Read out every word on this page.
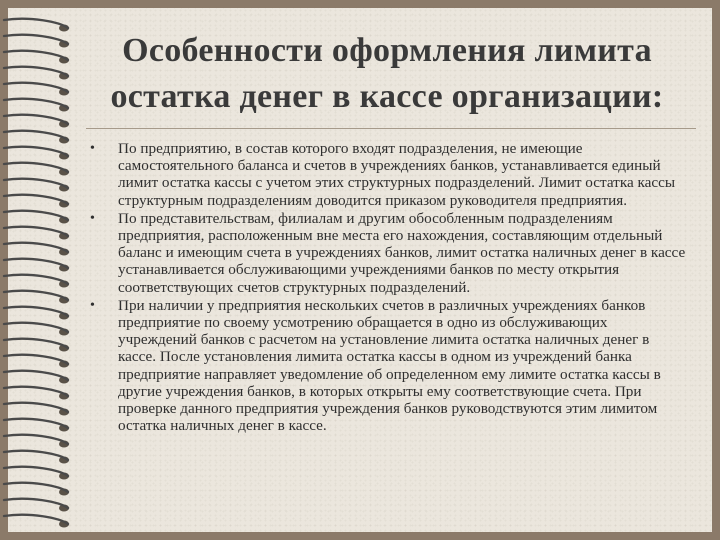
Особенности оформления лимита остатка денег в кассе организации:
• По предприятию, в состав которого входят подразделения, не имеющие самостоятельного баланса и счетов в учреждениях банков, устанавливается единый лимит остатка кассы с учетом этих структурных подразделений. Лимит остатка кассы структурным подразделениям доводится приказом руководителя предприятия.
• По представительствам, филиалам и другим обособленным подразделениям предприятия, расположенным вне места его нахождения, составляющим отдельный баланс и имеющим счета в учреждениях банков, лимит остатка наличных денег в кассе устанавливается обслуживающими учреждениями банков по месту открытия соответствующих счетов структурных подразделений.
• При наличии у предприятия нескольких счетов в различных учреждениях банков предприятие по своему усмотрению обращается в одно из обслуживающих учреждений банков с расчетом на установление лимита остатка наличных денег в кассе. После установления лимита остатка кассы в одном из учреждений банка предприятие направляет уведомление об определенном ему лимите остатка кассы в другие учреждения банков, в которых открыты ему соответствующие счета. При проверке данного предприятия учреждения банков руководствуются этим лимитом остатка наличных денег в кассе.
